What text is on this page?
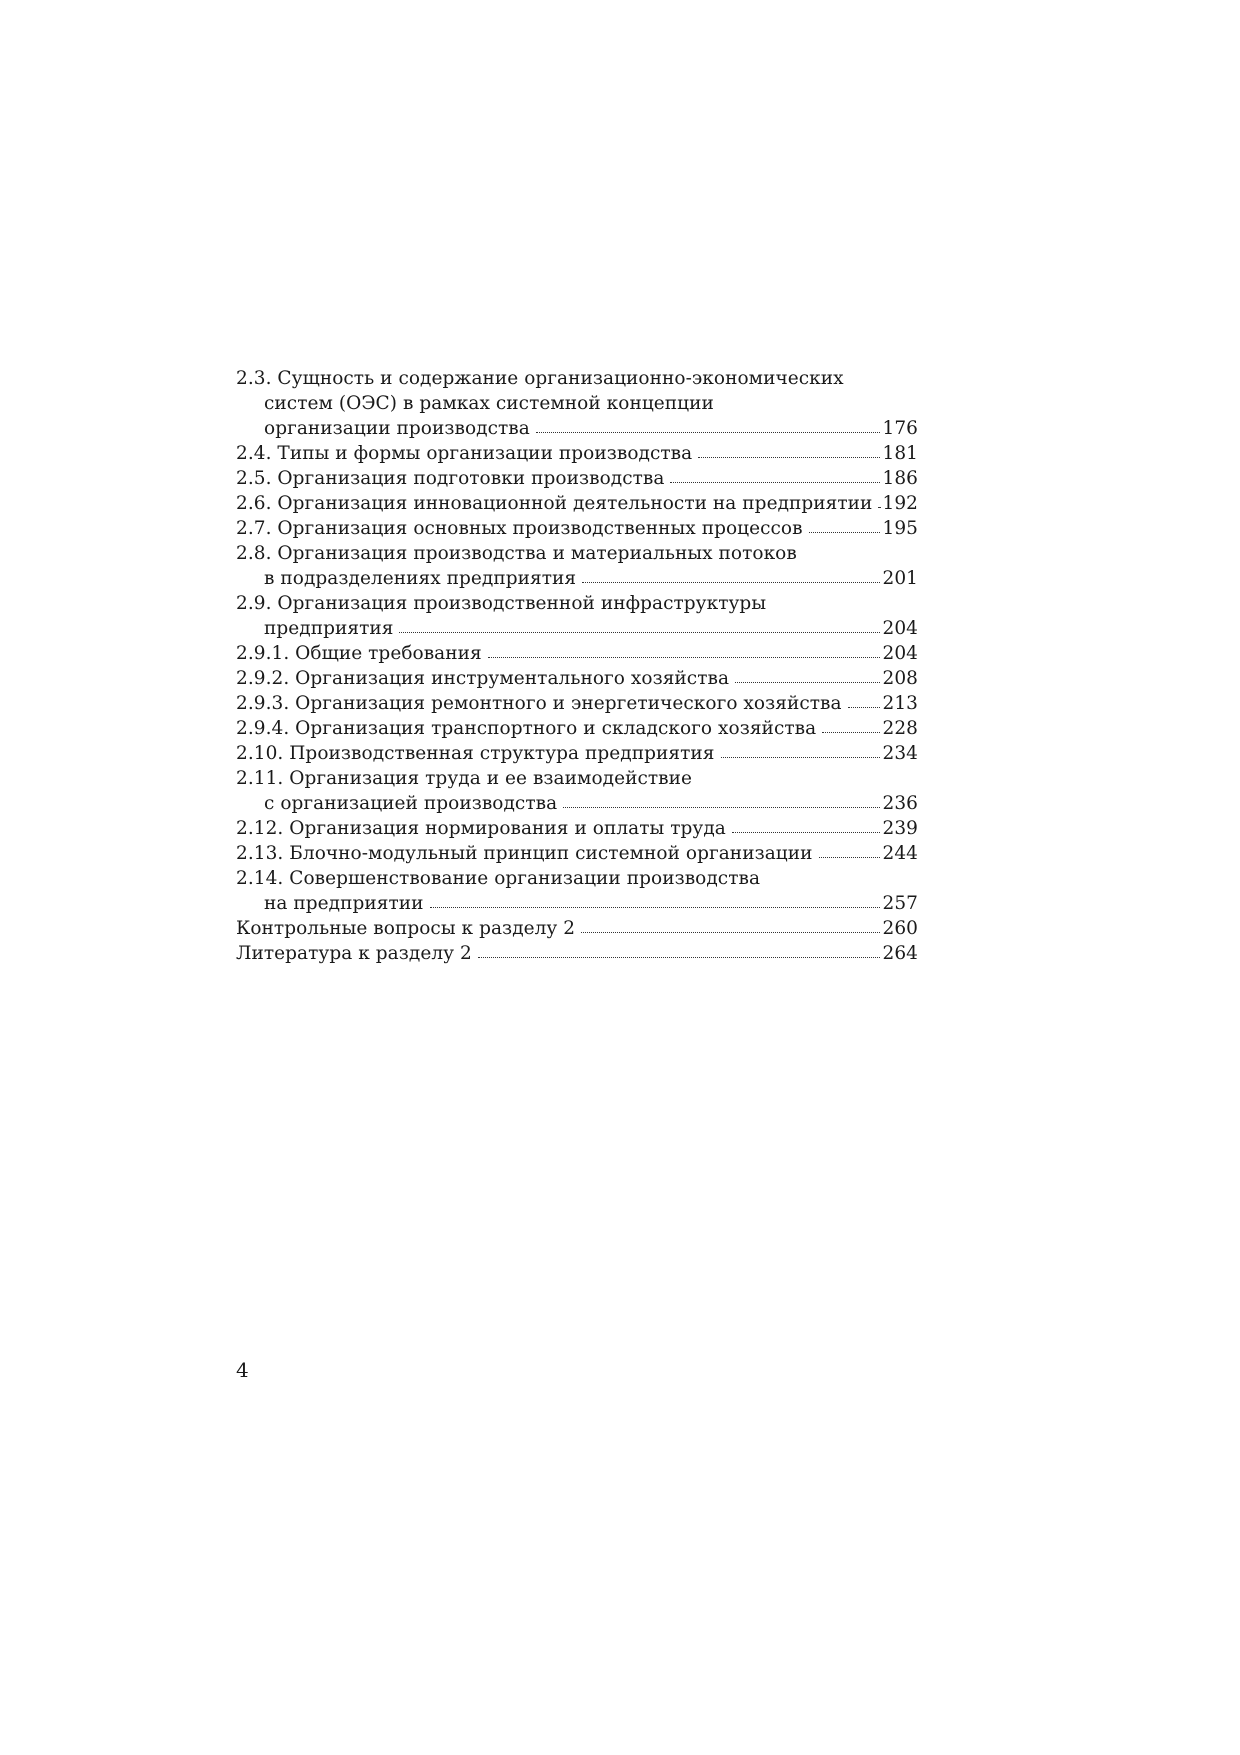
2.3. Сущность и содержание организационно-экономических
систем (ОЭС) в рамках системной концепции
организации производства	176
2.4. Типы и формы организации производства	181
2.5. Организация подготовки производства	186
2.6. Организация инновационной деятельности на предприятии 192
2.7. Организация основных производственных процессов	195
2.8. Организация производства и материальных потоков
в подразделениях предприятия	201
2.9. Организация производственной инфраструктуры
предприятия	204
2.9.1. Общие требования	204
2.9.2. Организация инструментального хозяйства	208
2.9.3. Организация ремонтного и энергетического хозяйства 213
2.9.4. Организация транспортного и складского хозяйства	228
2.10. Производственная структура предприятия	234
2.11. Организация труда и ее взаимодействие
с организацией производства	236
2.12. Организация нормирования и оплаты труда	239
2.13. Блочно-модульный принцип системной организации	244
2.14. Совершенствование организации производства
на предприятии	257
Контрольные вопросы к разделу 2	260
Литература к разделу 2	264
4
